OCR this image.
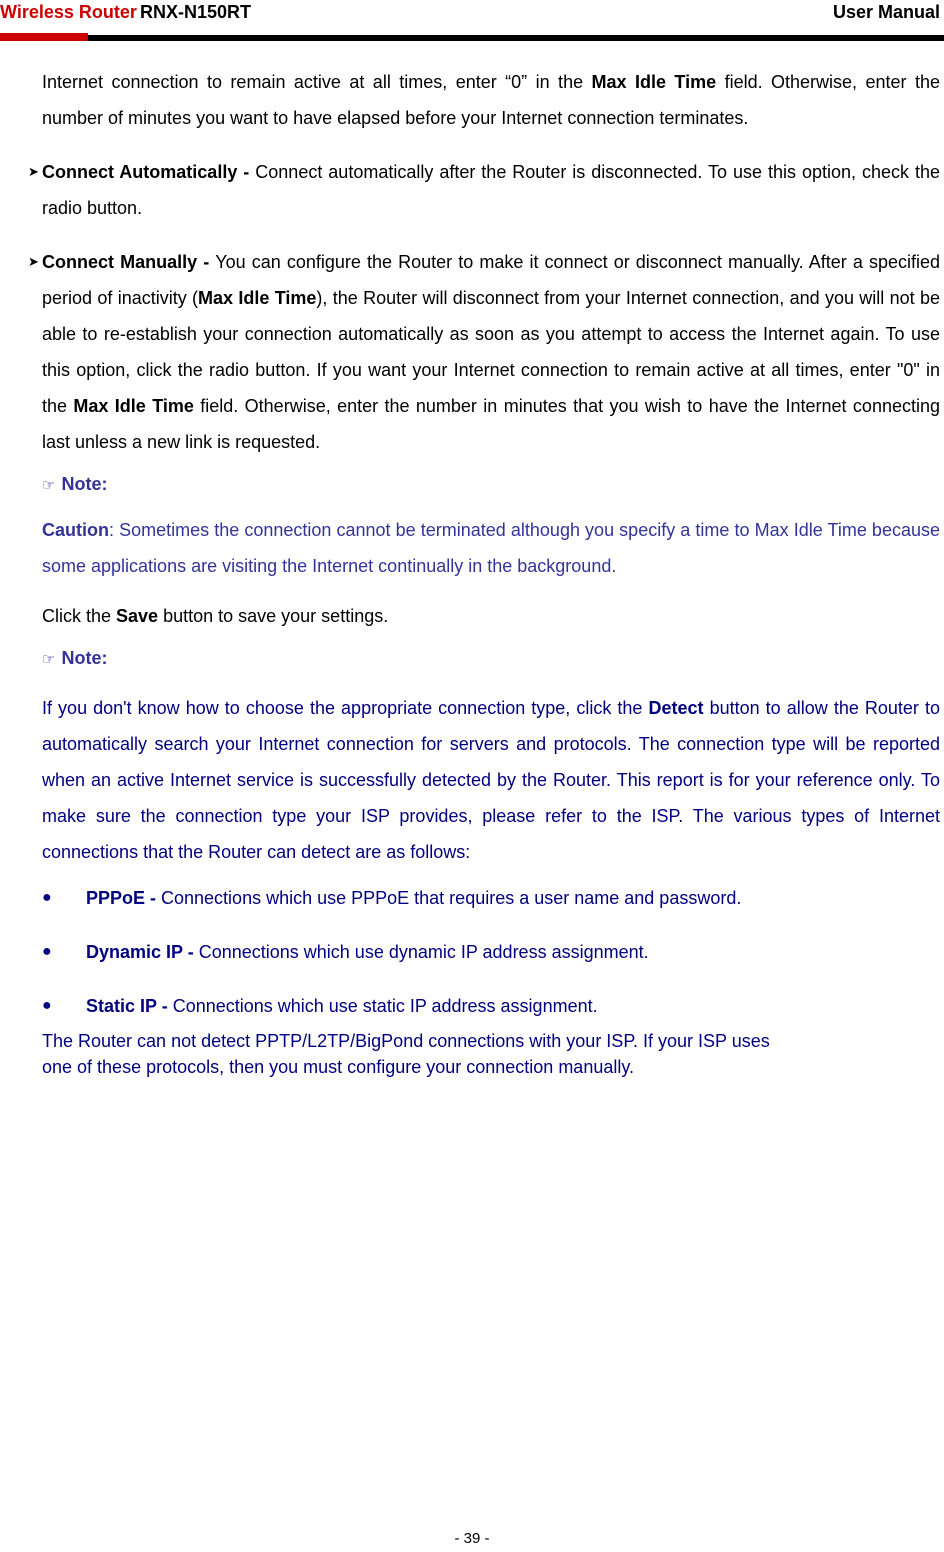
Wireless Router RNX-N150RT	User Manual

Internet connection to remain active at all times, enter “0” in the Max Idle Time field. Otherwise, enter the number of minutes you want to have elapsed before your Internet connection terminates.

➤ Connect Automatically - Connect automatically after the Router is disconnected. To use this option, check the radio button.

➤ Connect Manually - You can configure the Router to make it connect or disconnect manually. After a specified period of inactivity (Max Idle Time), the Router will disconnect from your Internet connection, and you will not be able to re-establish your connection automatically as soon as you attempt to access the Internet again. To use this option, click the radio button. If you want your Internet connection to remain active at all times, enter "0" in the Max Idle Time field. Otherwise, enter the number in minutes that you wish to have the Internet connecting last unless a new link is requested.

☞ Note:

Caution: Sometimes the connection cannot be terminated although you specify a time to Max Idle Time because some applications are visiting the Internet continually in the background.

Click the Save button to save your settings.

☞ Note:

If you don't know how to choose the appropriate connection type, click the Detect button to allow the Router to automatically search your Internet connection for servers and protocols. The connection type will be reported when an active Internet service is successfully detected by the Router. This report is for your reference only. To make sure the connection type your ISP provides, please refer to the ISP. The various types of Internet connections that the Router can detect are as follows:

●	PPPoE - Connections which use PPPoE that requires a user name and password.

●	Dynamic IP - Connections which use dynamic IP address assignment.

●	Static IP - Connections which use static IP address assignment.

The Router can not detect PPTP/L2TP/BigPond connections with your ISP. If your ISP uses
one of these protocols, then you must configure your connection manually.
- 39 -
